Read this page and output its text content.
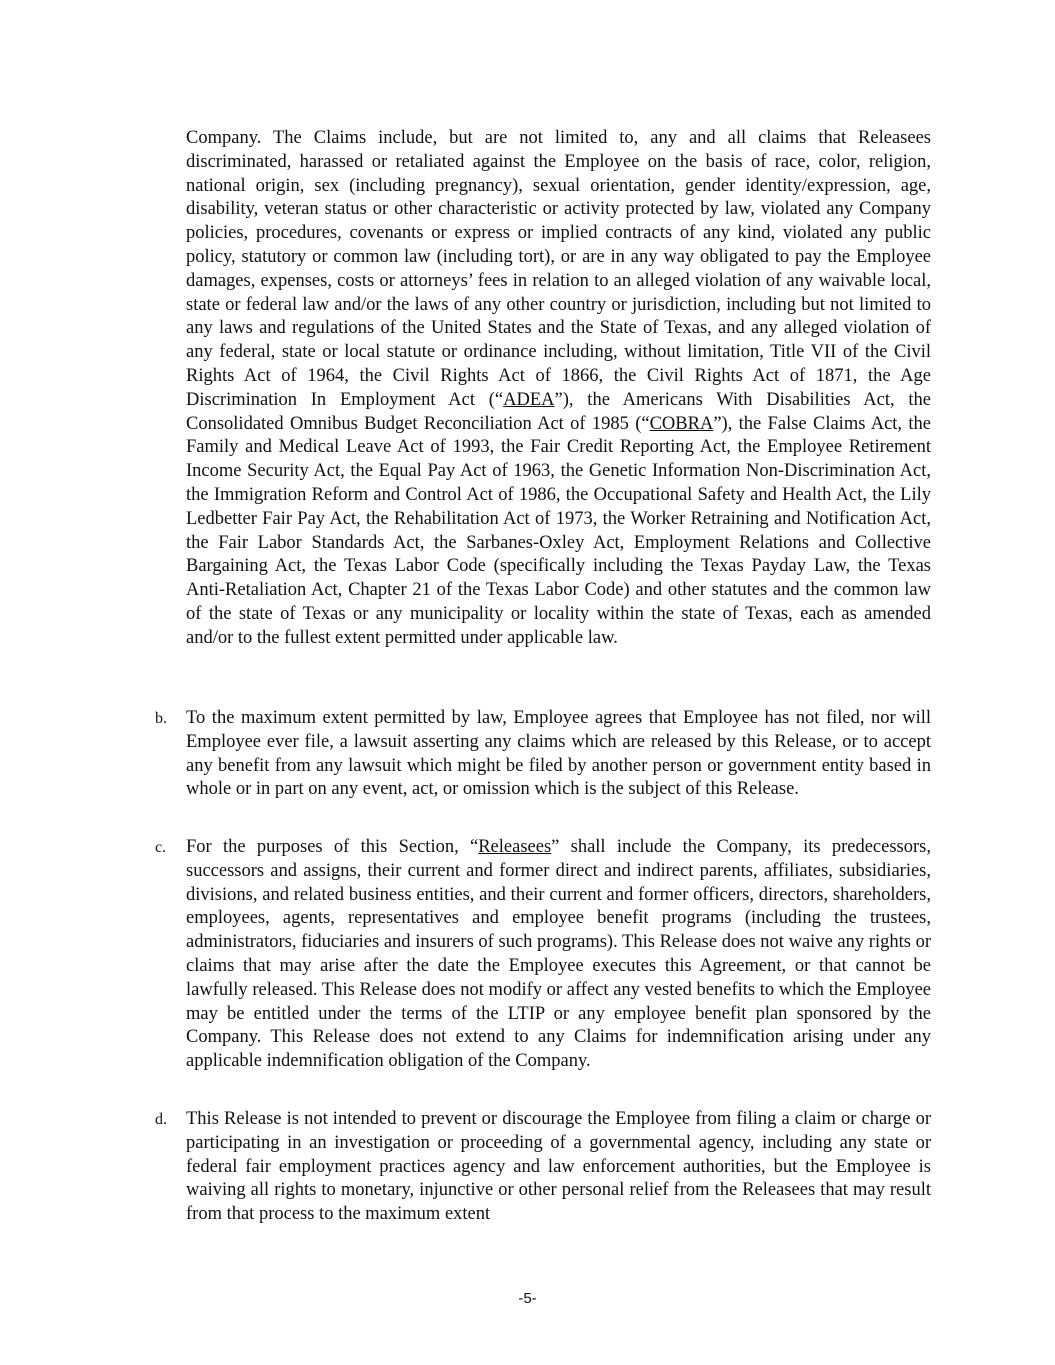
Company. The Claims include, but are not limited to, any and all claims that Releasees discriminated, harassed or retaliated against the Employee on the basis of race, color, religion, national origin, sex (including pregnancy), sexual orientation, gender identity/expression, age, disability, veteran status or other characteristic or activity protected by law, violated any Company policies, procedures, covenants or express or implied contracts of any kind, violated any public policy, statutory or common law (including tort), or are in any way obligated to pay the Employee damages, expenses, costs or attorneys’ fees in relation to an alleged violation of any waivable local, state or federal law and/or the laws of any other country or jurisdiction, including but not limited to any laws and regulations of the United States and the State of Texas, and any alleged violation of any federal, state or local statute or ordinance including, without limitation, Title VII of the Civil Rights Act of 1964, the Civil Rights Act of 1866, the Civil Rights Act of 1871, the Age Discrimination In Employment Act (“ADEA”), the Americans With Disabilities Act, the Consolidated Omnibus Budget Reconciliation Act of 1985 (“COBRA”), the False Claims Act, the Family and Medical Leave Act of 1993, the Fair Credit Reporting Act, the Employee Retirement Income Security Act, the Equal Pay Act of 1963, the Genetic Information Non-Discrimination Act, the Immigration Reform and Control Act of 1986, the Occupational Safety and Health Act, the Lily Ledbetter Fair Pay Act, the Rehabilitation Act of 1973, the Worker Retraining and Notification Act, the Fair Labor Standards Act, the Sarbanes-Oxley Act, Employment Relations and Collective Bargaining Act, the Texas Labor Code (specifically including the Texas Payday Law, the Texas Anti-Retaliation Act, Chapter 21 of the Texas Labor Code) and other statutes and the common law of the state of Texas or any municipality or locality within the state of Texas, each as amended and/or to the fullest extent permitted under applicable law.

b. To the maximum extent permitted by law, Employee agrees that Employee has not filed, nor will Employee ever file, a lawsuit asserting any claims which are released by this Release, or to accept any benefit from any lawsuit which might be filed by another person or government entity based in whole or in part on any event, act, or omission which is the subject of this Release.

c. For the purposes of this Section, “Releasees” shall include the Company, its predecessors, successors and assigns, their current and former direct and indirect parents, affiliates, subsidiaries, divisions, and related business entities, and their current and former officers, directors, shareholders, employees, agents, representatives and employee benefit programs (including the trustees, administrators, fiduciaries and insurers of such programs). This Release does not waive any rights or claims that may arise after the date the Employee executes this Agreement, or that cannot be lawfully released. This Release does not modify or affect any vested benefits to which the Employee may be entitled under the terms of the LTIP or any employee benefit plan sponsored by the Company. This Release does not extend to any Claims for indemnification arising under any applicable indemnification obligation of the Company.

d. This Release is not intended to prevent or discourage the Employee from filing a claim or charge or participating in an investigation or proceeding of a governmental agency, including any state or federal fair employment practices agency and law enforcement authorities, but the Employee is waiving all rights to monetary, injunctive or other personal relief from the Releasees that may result from that process to the maximum extent

-5-
